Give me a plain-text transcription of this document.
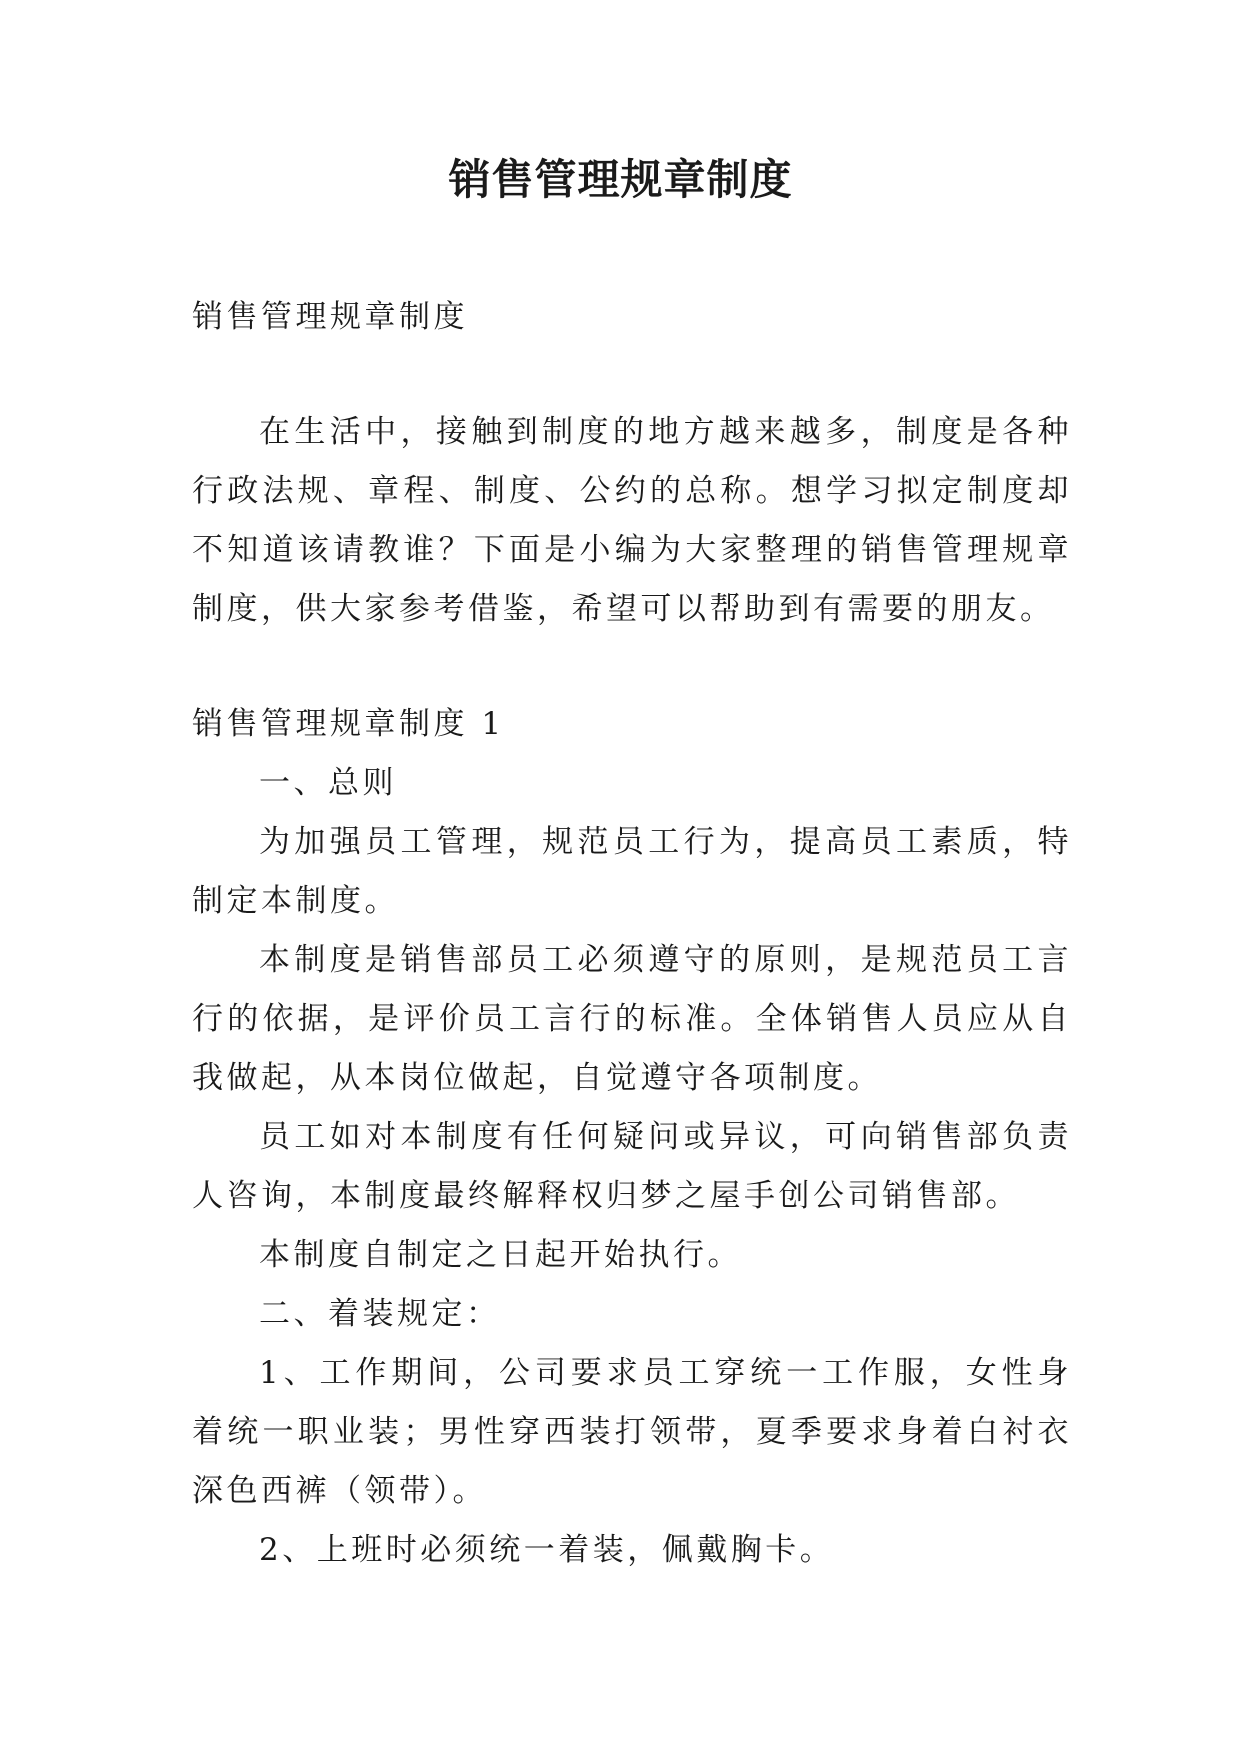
销售管理规章制度

销售管理规章制度

在生活中，接触到制度的地方越来越多，制度是各种行政法规、章程、制度、公约的总称。想学习拟定制度却不知道该请教谁？下面是小编为大家整理的销售管理规章制度，供大家参考借鉴，希望可以帮助到有需要的朋友。

销售管理规章制度 1

一、总则

为加强员工管理，规范员工行为，提高员工素质，特制定本制度。

本制度是销售部员工必须遵守的原则，是规范员工言行的依据，是评价员工言行的标准。全体销售人员应从自我做起，从本岗位做起，自觉遵守各项制度。

员工如对本制度有任何疑问或异议，可向销售部负责人咨询，本制度最终解释权归梦之屋手创公司销售部。

本制度自制定之日起开始执行。

二、着装规定：

1、工作期间，公司要求员工穿统一工作服，女性身着统一职业装；男性穿西装打领带，夏季要求身着白衬衣深色西裤（领带）。

2、上班时必须统一着装，佩戴胸卡。
